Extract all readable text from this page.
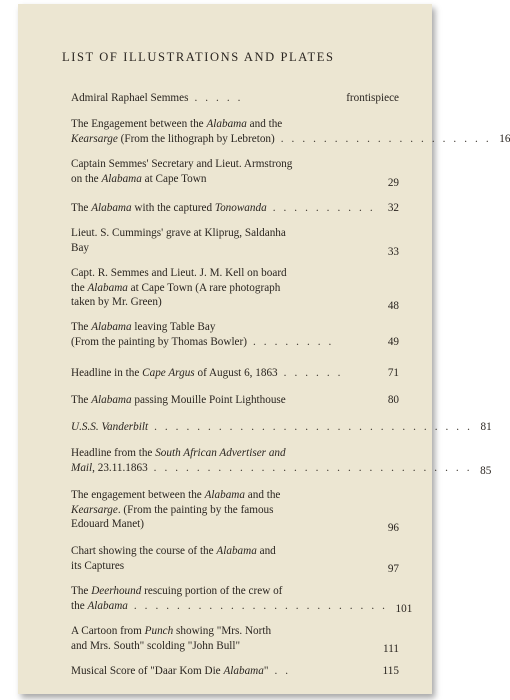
LIST OF ILLUSTRATIONS AND PLATES
Admiral Raphael Semmes . . . . .	frontispiece
The Engagement between the Alabama and the
Kearsarge (From the lithograph by Lebreton) . . . . . . . . . . . . . . . . . . . . 16
Captain Semmes' Secretary and Lieut. Armstrong
on the Alabama at Cape Town	29
The Alabama with the captured Tonowanda . . . . . . . . . .	32
Lieut. S. Cummings' grave at Kliprug, Saldanha
Bay	33
Capt. R. Semmes and Lieut. J. M. Kell on board
the Alabama at Cape Town (A rare photograph
taken by Mr. Green)	48
The Alabama leaving Table Bay
(From the painting by Thomas Bowler) . . . . . . . .	49
Headline in the Cape Argus of August 6, 1863 . . . . . .	71
The Alabama passing Mouille Point Lighthouse	80
U.S.S. Vanderbilt . . . . . . . . . . . . . . . . . . . . . . . . . . . . . . 81
Headline from the South African Advertiser and
Mail, 23.11.1863 . . . . . . . . . . . . . . . . . . . . . . . . . . . . . . 85
The engagement between the Alabama and the
Kearsarge. (From the painting by the famous
Edouard Manet)	96
Chart showing the course of the Alabama and
its Captures	97
The Deerhound rescuing portion of the crew of
the Alabama . . . . . . . . . . . . . . . . . . . . . . . . 101
A Cartoon from Punch showing "Mrs. North
and Mrs. South" scolding "John Bull"	111
Musical Score of "Daar Kom Die Alabama" . .	115
